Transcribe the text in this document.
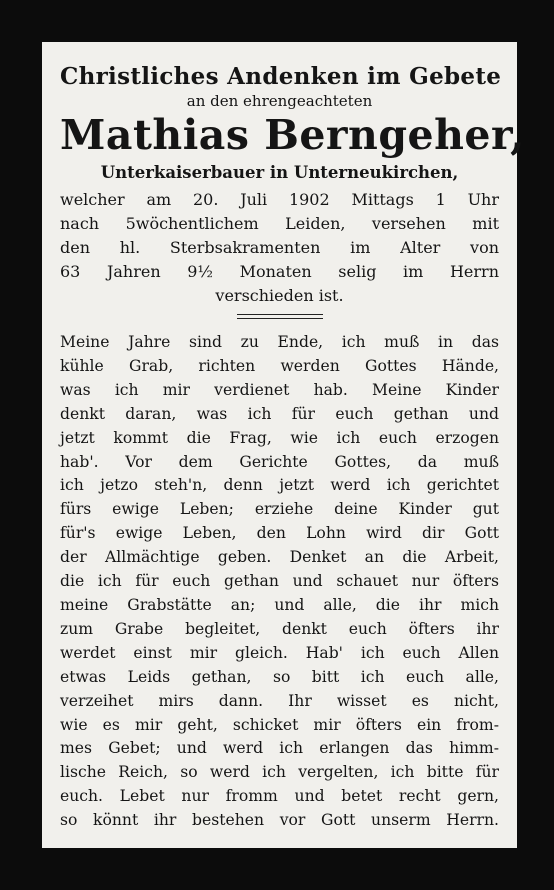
Christliches Andenken im Gebete
an den ehrengeachteten
Mathias Berngeher,
Unterkaiserbauer in Unterneukirchen,
welcher am 20. Juli 1902 Mittags 1 Uhr
nach 5wöchentlichem Leiden, versehen mit
den hl. Sterbsakramenten im Alter von
63 Jahren 9½ Monaten selig im Herrn
verschieden ist.
Meine Jahre sind zu Ende, ich muß in das
kühle Grab, richten werden Gottes Hände,
was ich mir verdienet hab. Meine Kinder
denkt daran, was ich für euch gethan und
jetzt kommt die Frag, wie ich euch erzogen
hab'. Vor dem Gerichte Gottes, da muß
ich jetzo steh'n, denn jetzt werd ich gerichtet
fürs ewige Leben; erziehe deine Kinder gut
für's ewige Leben, den Lohn wird dir Gott
der Allmächtige geben. Denket an die Arbeit,
die ich für euch gethan und schauet nur öfters
meine Grabstätte an; und alle, die ihr mich
zum Grabe begleitet, denkt euch öfters ihr
werdet einst mir gleich. Hab' ich euch Allen
etwas Leids gethan, so bitt ich euch alle,
verzeihet mirs dann. Ihr wisset es nicht,
wie es mir geht, schicket mir öfters ein from-
mes Gebet; und werd ich erlangen das himm-
lische Reich, so werd ich vergelten, ich bitte für
euch. Lebet nur fromm und betet recht gern,
so könnt ihr bestehen vor Gott unserm Herrn.
